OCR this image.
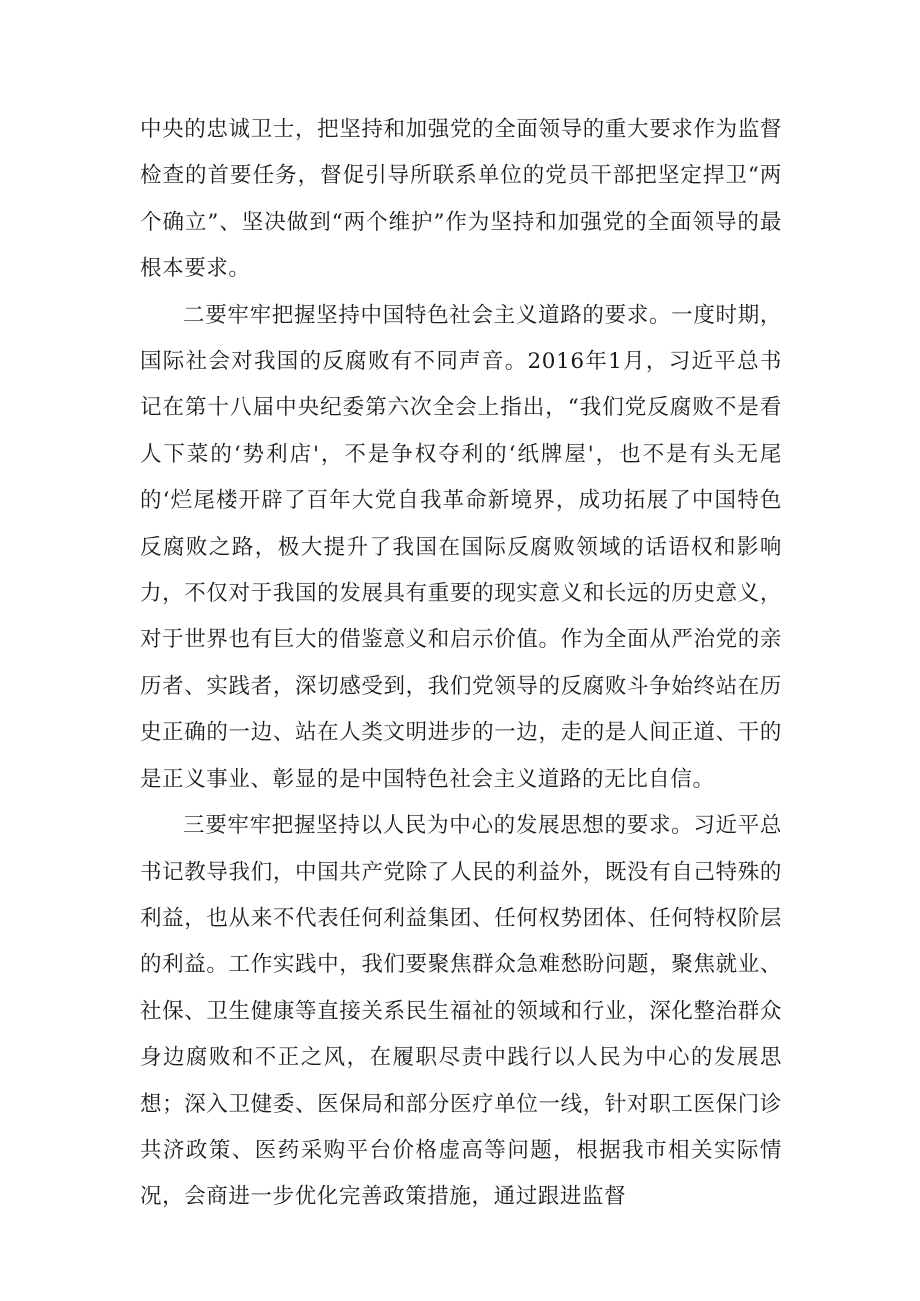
中央的忠诚卫士，把坚持和加强党的全面领导的重大要求作为监督检查的首要任务，督促引导所联系单位的党员干部把坚定捍卫“两个确立”、坚决做到“两个维护”作为坚持和加强党的全面领导的最根本要求。

二要牢牢把握坚持中国特色社会主义道路的要求。一度时期，国际社会对我国的反腐败有不同声音。2016年1月，习近平总书记在第十八届中央纪委第六次全会上指出，“我们党反腐败不是看人下菜的‘势利店'，不是争权夺利的‘纸牌屋'，也不是有头无尾的‘烂尾楼开辟了百年大党自我革命新境界，成功拓展了中国特色反腐败之路，极大提升了我国在国际反腐败领域的话语权和影响力，不仅对于我国的发展具有重要的现实意义和长远的历史意义，对于世界也有巨大的借鉴意义和启示价值。作为全面从严治党的亲历者、实践者，深切感受到，我们党领导的反腐败斗争始终站在历史正确的一边、站在人类文明进步的一边，走的是人间正道、干的是正义事业、彰显的是中国特色社会主义道路的无比自信。

三要牢牢把握坚持以人民为中心的发展思想的要求。习近平总书记教导我们，中国共产党除了人民的利益外，既没有自己特殊的利益，也从来不代表任何利益集团、任何权势团体、任何特权阶层的利益。工作实践中，我们要聚焦群众急难愁盼问题，聚焦就业、社保、卫生健康等直接关系民生福祉的领域和行业，深化整治群众身边腐败和不正之风，在履职尽责中践行以人民为中心的发展思想；深入卫健委、医保局和部分医疗单位一线，针对职工医保门诊共济政策、医药采购平台价格虚高等问题，根据我市相关实际情况，会商进一步优化完善政策措施，通过跟进监督
